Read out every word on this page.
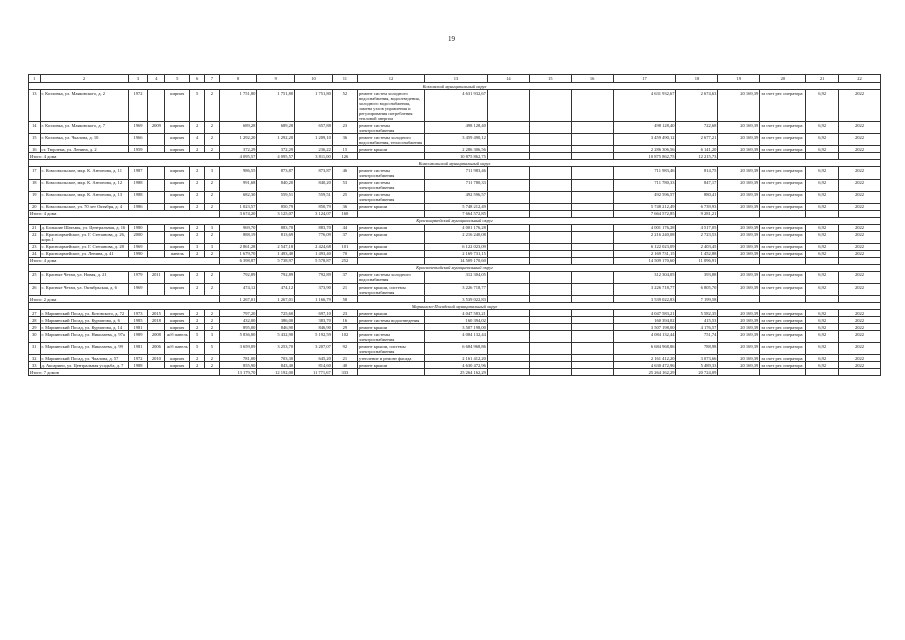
19
1	2	3	4	5	6	7	8	9	10	11	12	13	14	15	16	17	18	19	20	21	22
Козловский муниципальный округ																					
13	г. Козловка, ул. Маяковского, д. 2	1972		кирпич	5	2	1 751,80	1 751,80	1 751,80	52	ремонт систем холодного водоснабжения, водоотведения, холодного водоснабжения, замена узлов управления и регулирования потребления тепловой энергии	4 631 932,67				4 631 932,67	2 674,63	20 169,39	за счет рег. оператора	6,92	2022
14	г. Козловка, ул. Маяковского, д. 7	1969	2009	кирпич	2	2	689,28	689,28	657,88	23	ремонт системы электроснабжения	498 128,40				498 128,40	722,68	20 169,39	за счет рег. оператора	6,92	2022
15	г. Козловка, ул. Чкалова, д. 10	1966		кирпич	4	2	1 292,20	1 292,20	1 209,10	36	ремонт системы холодного водоснабжения, теплоснабжения	3 459 490,12				3 459 490,12	2 677,21	20 169,39	за счет рег. оператора	6,92	2022
16	ст. Тюрлема, ул. Ленина, д. 2	1959		кирпич	2	2	372,29	372,29	236,22	15	ремонт крыши	2 286 306,56				2 286 306,56	6 141,20	20 169,39	за счет рег. оператора	6,92	2022
Итого: 4 дома							4 095,57	4 095,57	3 811,00	126		10 875 862,75				10 875 862,75	12 215,73				
Комсомольский муниципальный округ																					
17	с. Комсомольское, мкр. К. Антонова, д. 11	1987		кирпич	2	3	986,55	873,87	873,87	46	ремонт системы электроснабжения	711 983,46				711 983,46	814,75	20 169,39	за счет рег. оператора	6,92	2022
18	с. Комсомольское, мкр. К. Антонова, д. 12	1988		кирпич	2	2	991,68	840,20	840,20	53	ремонт системы электроснабжения	711 780,33				711 780,33	847,17	20 169,39	за счет рег. оператора	6,92	2022
19	с. Комсомольское, мкр. К. Антонова, д. 13	1988		кирпич	2	2	682,30	559,51	559,51	25	ремонт системы электроснабжения	492 596,57				492 596,57	880,41	20 169,39	за счет рег. оператора	6,92	2022
20	с. Комсомольское, ул. 70 лет Октября, д. 4	1986		кирпич	2	2	1 023,57	850,79	850,79	36	ремонт крыши	5 748 212,49				5 748 212,49	6 739,93	20 169,39	за счет рег. оператора	6,92	2022
Итого: 4 дома							3 674,20	3 125,07	3 124,07	160		7 664 572,85				7 664 572,85	9 281,21				
Красноармейский муниципальный округ																					
21	д. Большие Шатьмы, ул. Центральная, д. 16	1980		кирпич	2	3	969,70	883,70	883,70	44	ремонт крыши	4 001 176,28				4 001 176,28	4 517,05	20 169,39	за счет рег. оператора	6,92	2022
22	с. Красноармейское, ул. Г. Степанова, д. 26, корп.1	2000		кирпич	2	2	888,19	813,69	776,09	37	ремонт крыши	2 216 240,08				2 216 240,08	2 723,53	20 169,39	за счет рег. оператора	6,92	2022
23	с. Красноармейское, ул. Г. Степанова, д. 28	1969		кирпич	3	3	2 861,28	2 547,18	2 424,68	101	ремонт крыши	6 122 023,09				6 122 023,09	2 403,45	20 169,39	за счет рег. оператора	6,92	2022
24	с. Красноармейское, ул. Ленина, д. 41	1990		панель	2	2	1 679,70	1 493,40	1 493,40	70	ремонт крыши	2 169 731,15				2 169 731,15	1 452,88	20 169,39	за счет рег. оператора	6,92	2022
Итого: 4 дома							6 398,87	5 738,97	5 578,87	252		14 509 170,60				14 509 170,60	11 096,91				
Красночетайский муниципальный округ																					
25	с. Красные Четаи, ул. Новая, д. 21	1979	2011	кирпич	2	2	792,89	792,89	792,89	37	ремонт системы холодного водоснабжения	312 304,05				312 304,05	393,88	20 169,39	за счет рег. оператора	6,92	2022
26	с. Красные Четаи, ул. Октябрьская, д. 6	1969		кирпич	2	2	474,12	474,12	373,90	21	ремонт крыши, системы электроснабжения	3 226 718,77				3 226 718,77	6 805,70	20 169,39	за счет рег. оператора	6,92	2022
Итого: 2 дома							1 267,01	1 267,01	1 166,79	58		3 539 022,83				3 539 022,83	7 199,58				
Мариинско-Посадский муниципальный округ																					
27	г. Мариинский Посад, ул. Котовского, д. 72	1973	2015	кирпич	2	2	797,20	725,60	697,10	23	ремонт крыши	4 047 583,21				4 047 583,21	5 582,35	20 169,39	за счет рег. оператора	6,92	2022
28	г. Мариинский Посад, ул. Курчатова, д. 6	1985	2018	кирпич	2	2	432,00	386,00	383,70	16	ремонт системы водоотведения	160 394,02				160 394,02	415,53	20 169,39	за счет рег. оператора	6,92	2022
29	г. Мариинский Посад, ул. Курчатова, д. 14	1981		кирпич	2	2	895,00	846,90	846,90	29	ремонт крыши	3 507 198,00				3 507 198,00	4 176,57	20 169,39	за счет рег. оператора	6,92	2022
30	г. Мариинский Посад, ул. Николаева, д. 97а	1989	2008	ж/б панель	5	3	5 836,00	5 432,90	5 192,59	102	ремонт системы электроснабжения	4 084 132,44				4 084 132,44	751,74	20 169,39	за счет рег. оператора	6,92	2022
31	г. Мариинский Посад, ул. Николаева, д. 99	1981	2006	ж/б панель	5	5	3 659,09	3 253,70	3 207,07	92	ремонт крыши, системы электроснабжения	6 684 968,86				6 684 968,86	788,98	20 169,39	за счет рег. оператора	6,92	2022
32	г. Мариинский Посад, ул. Чкалова, д. 57	1972	2010	кирпич	2	2	781,00	703,30	645,20	21	утепление и ремонт фасада	2 161 412,20				2 161 412,20	3 073,66	20 169,39	за счет рег. оператора	6,92	2022
33	д. Аксарино, ул. Центральная усадьба, д. 7	1988		кирпич	2	2	855,90	843,40	814,60	40	ремонт крыши	4 630 472,96				4 630 472,96	5 489,33	20 169,39	за счет рег. оператора	6,92	2022
Итого: 7 домов							13 179,70	12 192,00	11 771,67	333		25 264 162,29				25 264 162,29	20 724,09				
